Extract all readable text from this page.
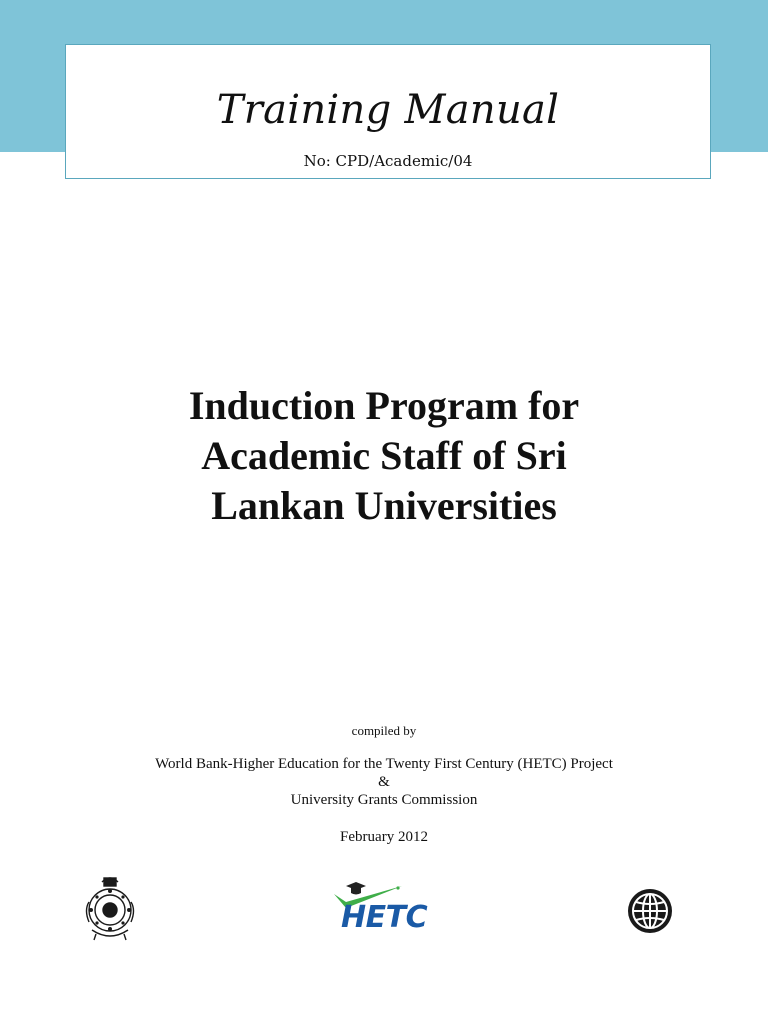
Training Manual

No: CPD/Academic/04

Induction Program for
Academic Staff of Sri
Lankan Universities
compiled by
World Bank-Higher Education for the Twenty First Century (HETC) Project
&
University Grants Commission
February 2012
HETC
